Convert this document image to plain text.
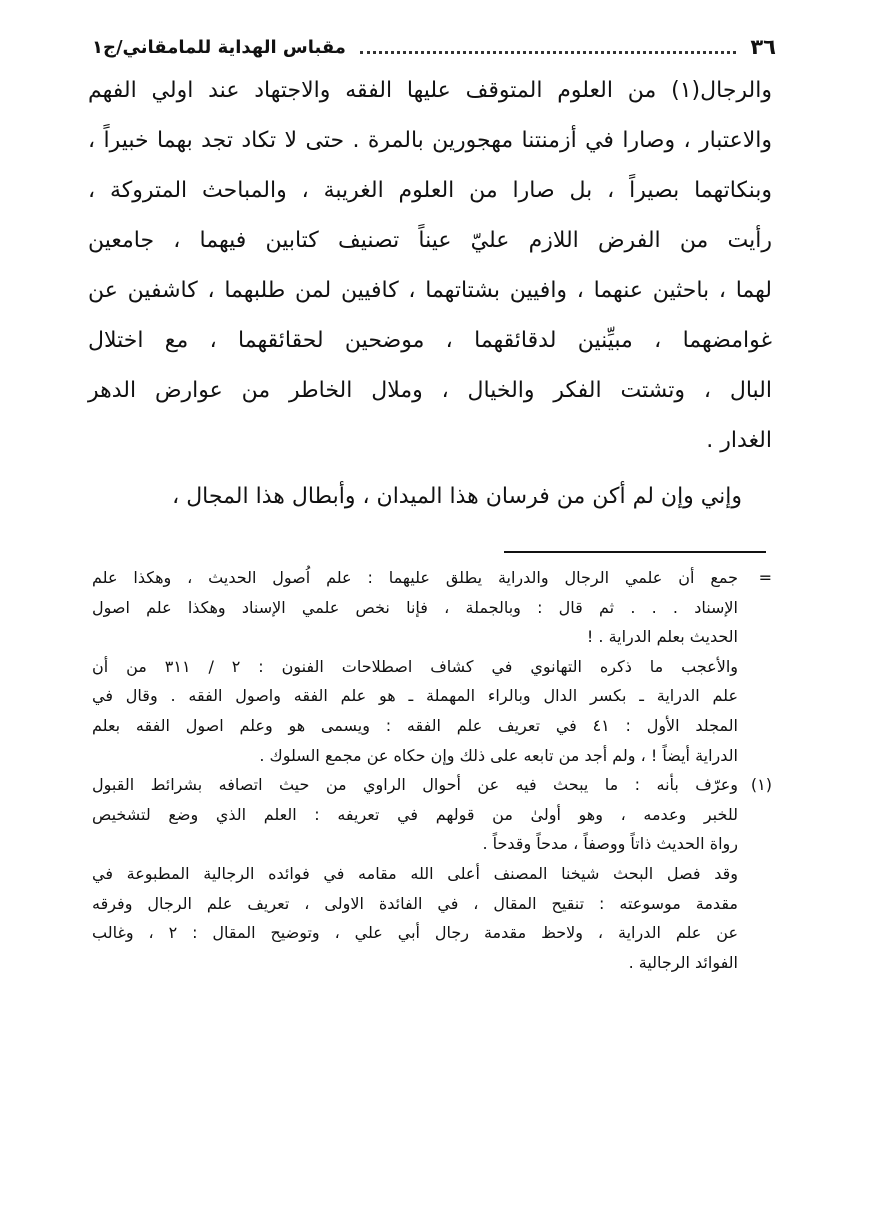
٣٦
مقباس الهداية للمامقاني/ج١
والرجال(١) من العلوم المتوقف عليها الفقه والاجتهاد عند اولي الفهم
والاعتبار ، وصارا في أزمنتنا مهجورين بالمرة . حتى لا تكاد تجد بهما خبيراً ،
وبنكاتهما بصيراً ، بل صارا من العلوم الغريبة ، والمباحث المتروكة ،
رأيت من الفرض اللازم عليّ عيناً تصنيف كتابين فيهما ، جامعين
لهما ، باحثين عنهما ، وافيين بشتاتهما ، كافيين لمن طلبهما ، كاشفين عن
غوامضهما ، مبيِّنين لدقائقهما ، موضحين لحقائقهما ، مع اختلال
البال ، وتشتت الفكر والخيال ، وملال الخاطر من عوارض الدهر
الغدار .
وإني وإن لم أكن من فرسان هذا الميدان ، وأبطال هذا المجال ،
=
جمع أن علمي الرجال والدراية يطلق عليهما : علم اُصول الحديث ، وهكذا علم
الإسناد . . . ثم قال : وبالجملة ، فإنا نخص علمي الإسناد وهكذا علم اصول
الحديث بعلم الدراية . !
والأعجب ما ذكره التهانوي في كشاف اصطلاحات الفنون : ٢ / ٣١١ من أن
علم الدراية ـ بكسر الدال وبالراء المهملة ـ هو علم الفقه واصول الفقه . وقال في
المجلد الأول : ٤١ في تعريف علم الفقه : ويسمى هو وعلم اصول الفقه بعلم
الدراية أيضاً ! ، ولم أجد من تابعه على ذلك وإن حكاه عن مجمع السلوك .
(١)
وعرّف بأنه : ما يبحث فيه عن أحوال الراوي من حيث اتصافه بشرائط القبول
للخبر وعدمه ، وهو أولىٰ من قولهم في تعريفه : العلم الذي وضع لتشخيص
رواة الحديث ذاتاً ووصفاً ، مدحاً وقدحاً .
وقد فصل البحث شيخنا المصنف أعلى الله مقامه في فوائده الرجالية المطبوعة في
مقدمة موسوعته : تنقيح المقال ، في الفائدة الاولى ، تعريف علم الرجال وفرقه
عن علم الدراية ، ولاحظ مقدمة رجال أبي علي ، وتوضيح المقال : ٢ ، وغالب
الفوائد الرجالية .
